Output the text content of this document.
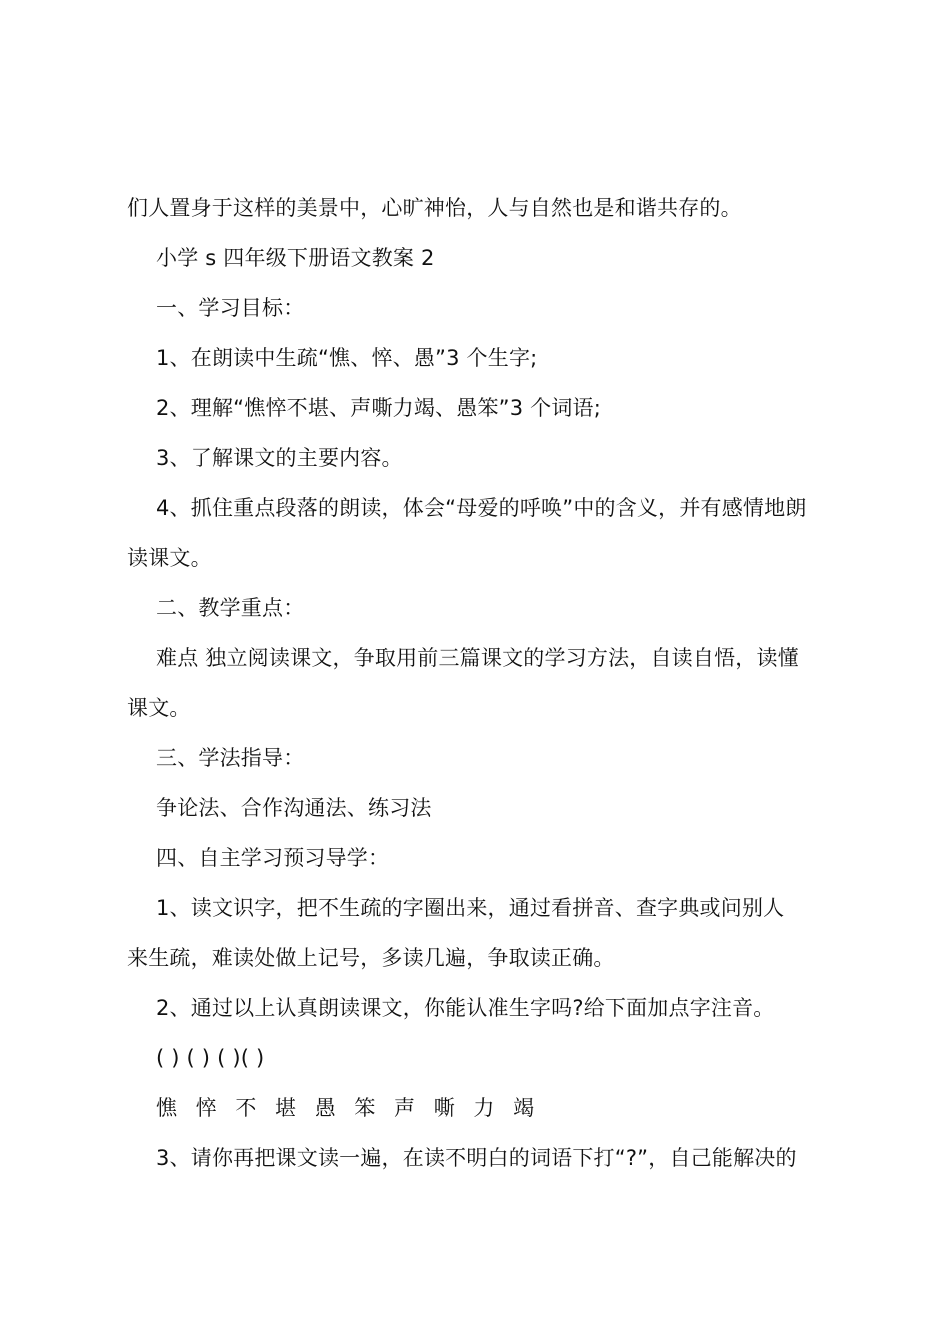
们人置身于这样的美景中，心旷神怡，人与自然也是和谐共存的。
小学 s 四年级下册语文教案 2
一、学习目标：
1、在朗读中生疏“憔、悴、愚”3 个生字;
2、理解“憔悴不堪、声嘶力竭、愚笨”3 个词语;
3、了解课文的主要内容。
4、抓住重点段落的朗读，体会“母爱的呼唤”中的含义，并有感情地朗
读课文。
二、教学重点：
难点 独立阅读课文，争取用前三篇课文的学习方法，自读自悟，读懂
课文。
三、学法指导：
争论法、合作沟通法、练习法
四、自主学习预习导学：
1、读文识字，把不生疏的字圈出来，通过看拼音、查字典或问别人
来生疏，难读处做上记号，多读几遍，争取读正确。
2、通过以上认真朗读课文，你能认准生字吗?给下面加点字注音。
( ) ( ) ( )( )
憔 悴 不 堪 愚 笨 声 嘶 力 竭
3、请你再把课文读一遍，在读不明白的词语下打“?”，自己能解决的
